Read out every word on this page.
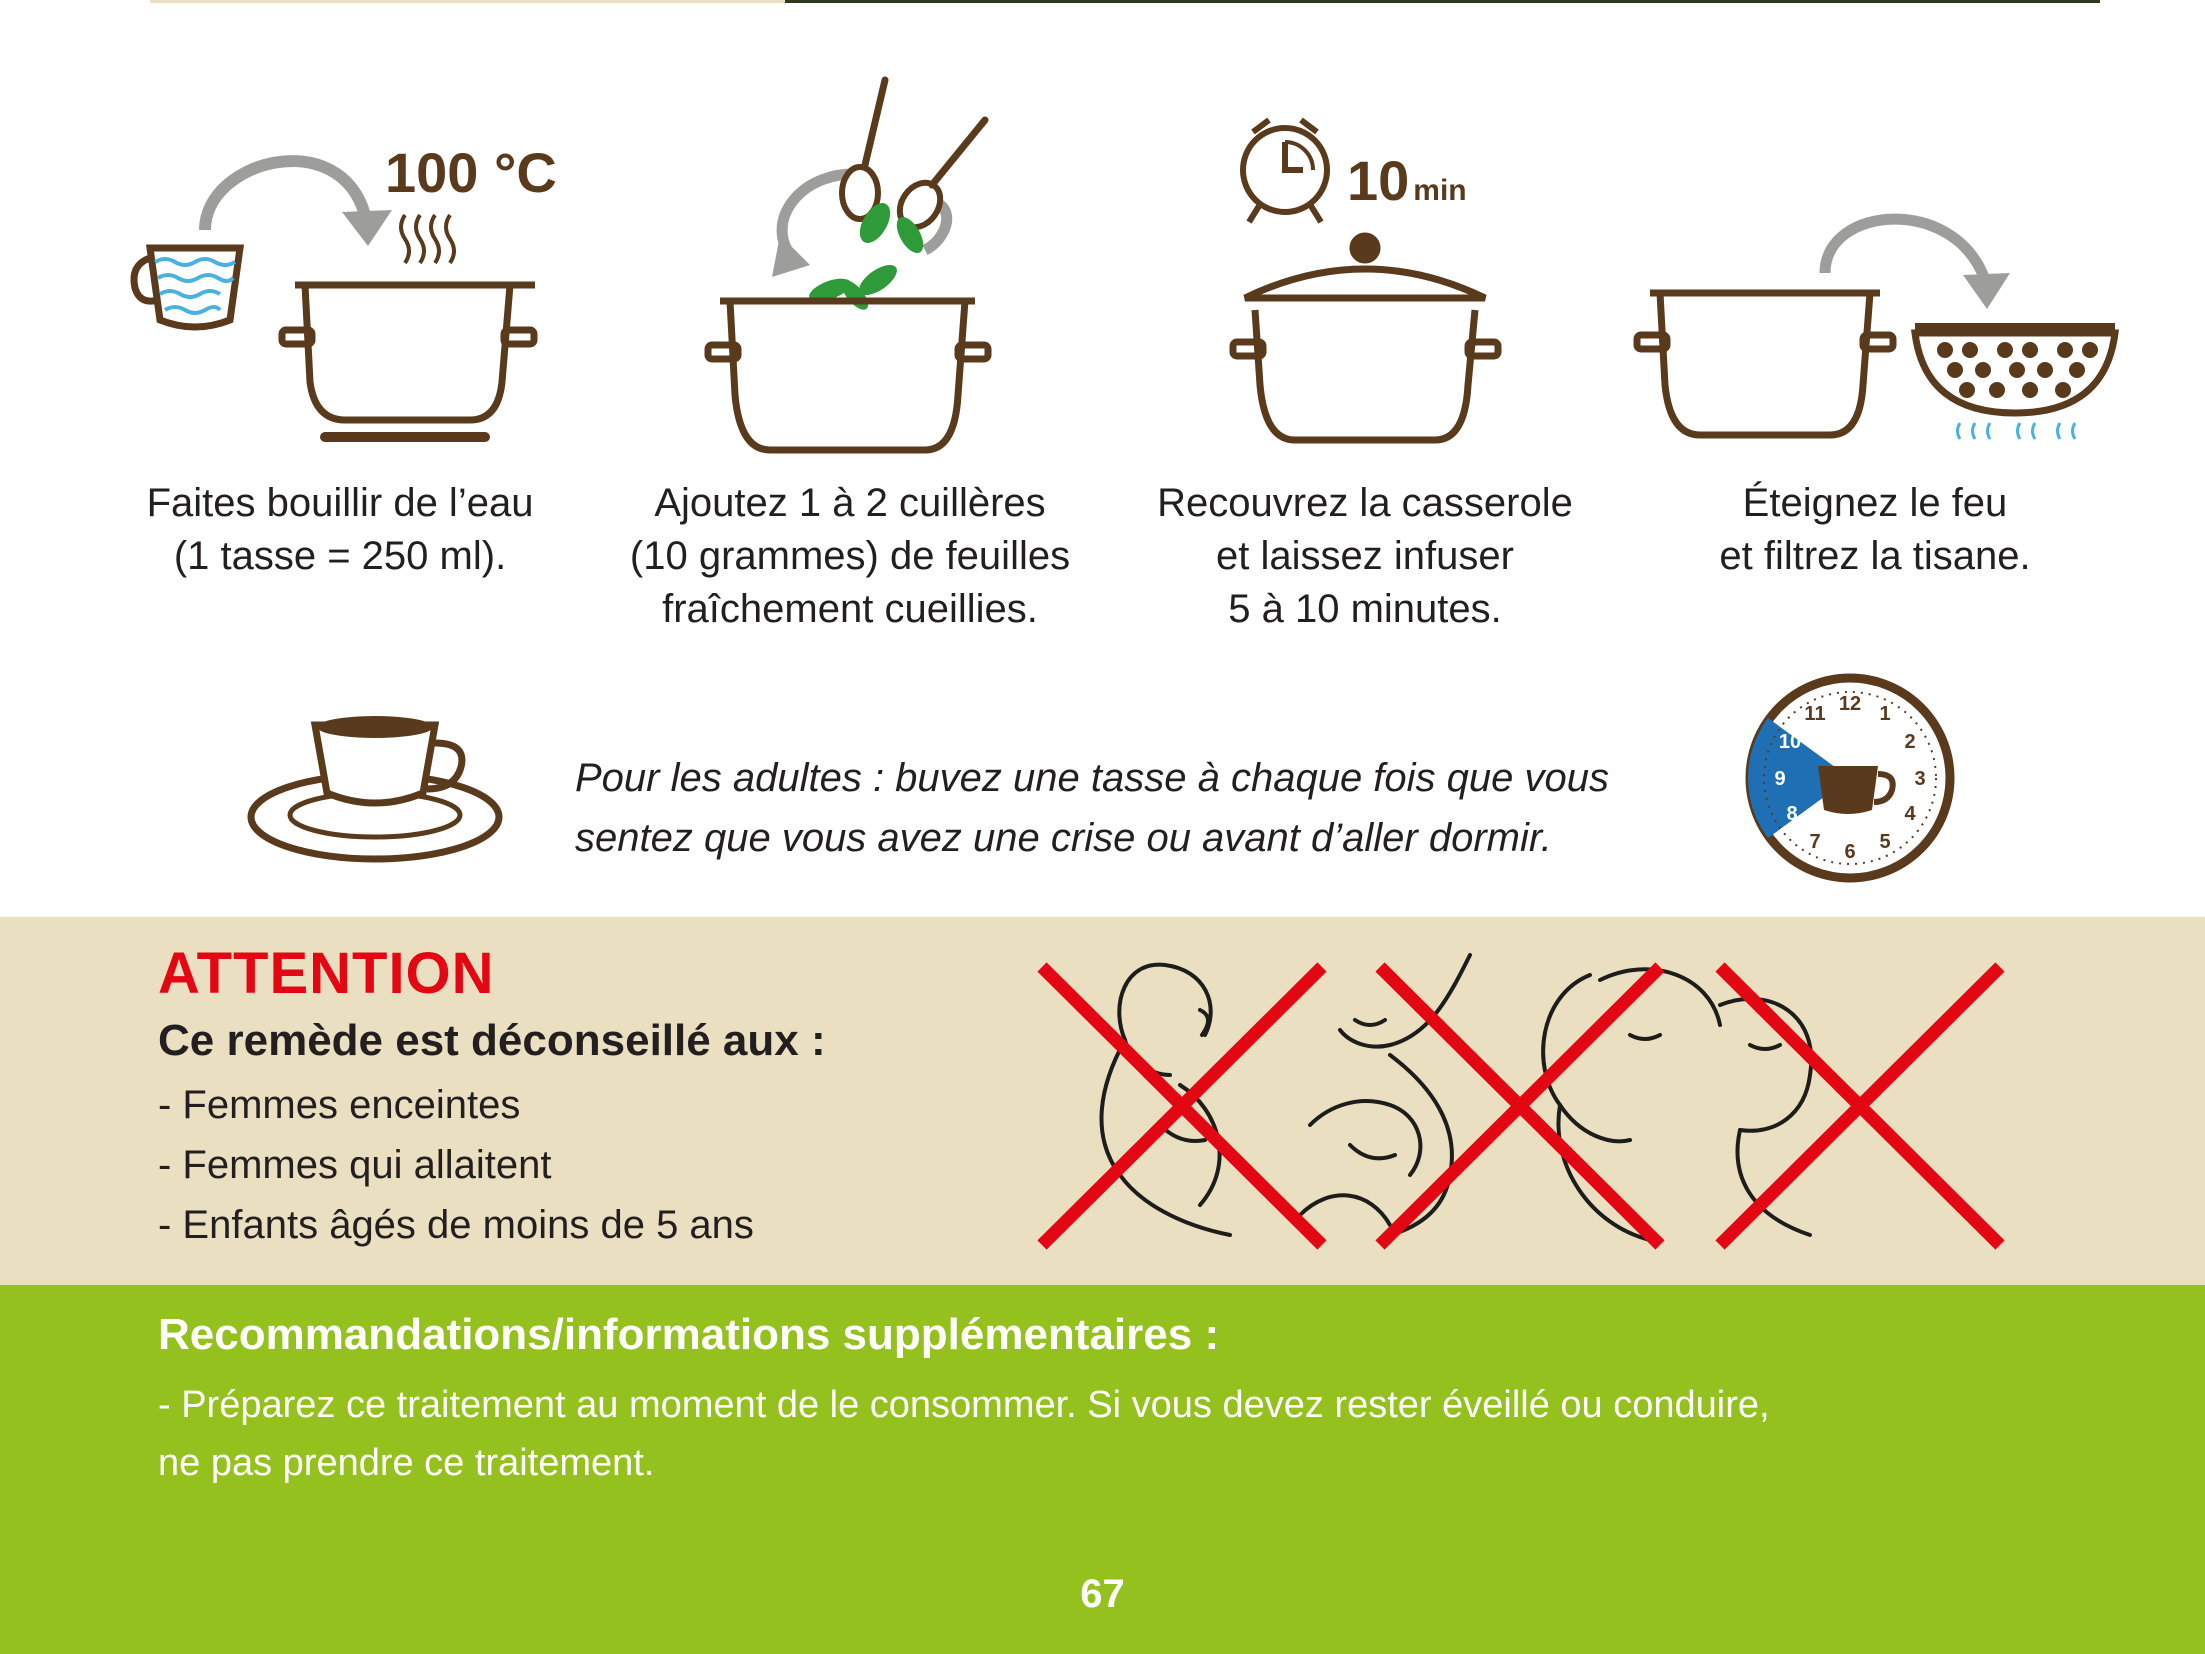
100 °C
Faites bouillir de l’eau
(1 tasse = 250 ml).
Ajoutez 1 à 2 cuillères
(10 grammes) de feuilles
fraîchement cueillies.
10 min
Recouvrez la casserole
et laissez infuser
5 à 10 minutes.
Éteignez le feu
et filtrez la tisane.
Pour les adultes : buvez une tasse à chaque fois que vous
sentez que vous avez une crise ou avant d’aller dormir.
12 1
2
3
4
5
6
7
8
9
10
11
ATTENTION
Ce remède est déconseillé aux :
- Femmes enceintes
- Femmes qui allaitent
- Enfants âgés de moins de 5 ans
Recommandations/informations supplémentaires :
- Préparez ce traitement au moment de le consommer. Si vous devez rester éveillé ou conduire,
ne pas prendre ce traitement.
67
